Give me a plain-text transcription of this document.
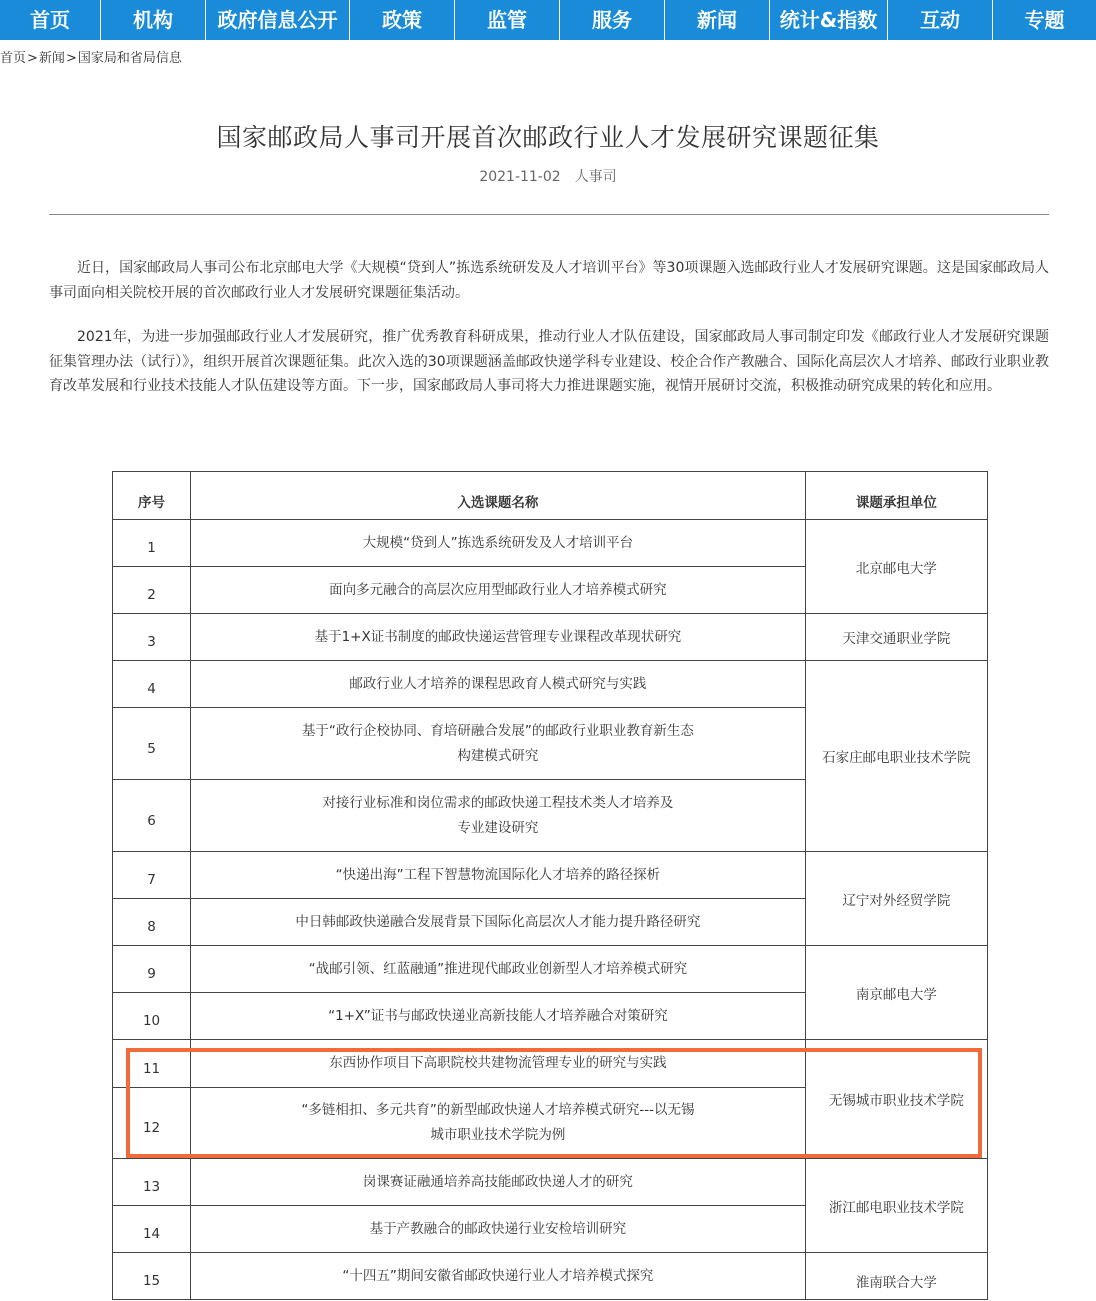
首页	机构	政府信息公开	政策	监管	服务	新闻	统计&指数	互动	专题
首页>新闻>国家局和省局信息
国家邮政局人事司开展首次邮政行业人才发展研究课题征集
2021-11-02 人事司

近日，国家邮政局人事司公布北京邮电大学《大规模“贷到人”拣选系统研发及人才培训平台》等30项课题入选邮政行业人才发展研究课题。这是国家邮政局人事司面向相关院校开展的首次邮政行业人才发展研究课题征集活动。

2021年，为进一步加强邮政行业人才发展研究，推广优秀教育科研成果，推动行业人才队伍建设，国家邮政局人事司制定印发《邮政行业人才发展研究课题征集管理办法（试行）》，组织开展首次课题征集。此次入选的30项课题涵盖邮政快递学科专业建设、校企合作产教融合、国际化高层次人才培养、邮政行业职业教育改革发展和行业技术技能人才队伍建设等方面。下一步，国家邮政局人事司将大力推进课题实施，视情开展研讨交流，积极推动研究成果的转化和应用。

序号	入选课题名称	课题承担单位
1	大规模“贷到人”拣选系统研发及人才培训平台	北京邮电大学
2	面向多元融合的高层次应用型邮政行业人才培养模式研究	
3	基于1+X证书制度的邮政快递运营管理专业课程改革现状研究	天津交通职业学院
4	邮政行业人才培养的课程思政育人模式研究与实践	石家庄邮电职业技术学院
5	基于“政行企校协同、育培研融合发展”的邮政行业职业教育新生态
构建模式研究	
6	对接行业标准和岗位需求的邮政快递工程技术类人才培养及
专业建设研究	
7	“快递出海”工程下智慧物流国际化人才培养的路径探析	辽宁对外经贸学院
8	中日韩邮政快递融合发展背景下国际化高层次人才能力提升路径研究	
9	“战邮引领、红蓝融通”推进现代邮政业创新型人才培养模式研究	南京邮电大学
10	“1+X”证书与邮政快递业高新技能人才培养融合对策研究	
11	东西协作项目下高职院校共建物流管理专业的研究与实践	无锡城市职业技术学院
12	“多链相扣、多元共育”的新型邮政快递人才培养模式研究---以无锡
城市职业技术学院为例	
13	岗课赛证融通培养高技能邮政快递人才的研究	浙江邮电职业技术学院
14	基于产教融合的邮政快递行业安检培训研究	
15	“十四五”期间安徽省邮政快递行业人才培养模式探究	淮南联合大学
